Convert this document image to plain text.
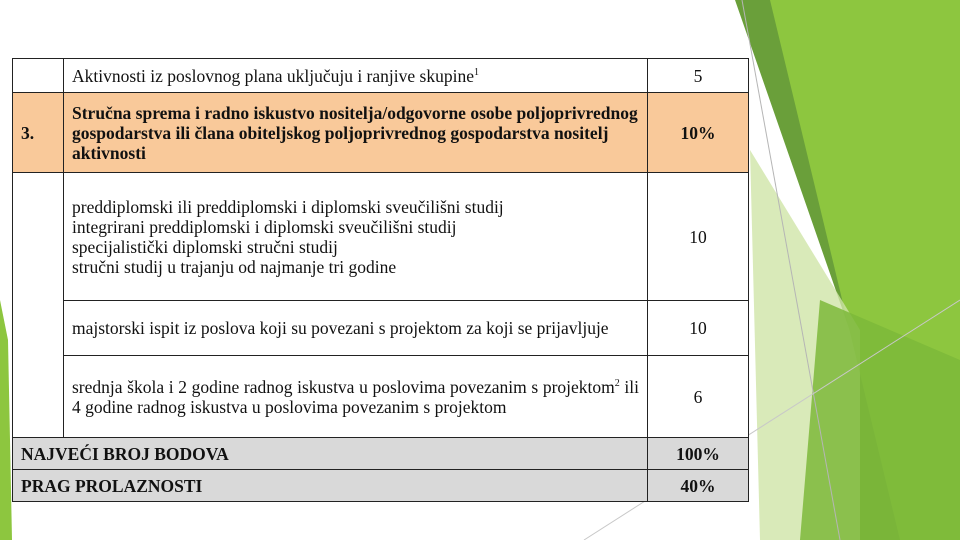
	Aktivnosti iz poslovnog plana uključuju i ranjive skupine$^1$	5
3.	Stručna sprema i radno iskustvo nositelja/odgovorne osobe poljoprivrednog gospodarstva ili člana obiteljskog poljoprivrednog gospodarstva nositelj aktivnosti	10%

	preddiplomski ili preddiplomski i diplomski sveučilišni studij
integrirani preddiplomski i diplomski sveučilišni studij
specijalistički diplomski stručni studij
stručni studij u trajanju od najmanje tri godine	10
	majstorski ispit iz poslova koji su povezani s projektom za koji se prijavljuje	10
	srednja škola i 2 godine radnog iskustva u poslovima povezanim s projektom$^2$ ili 4 godine radnog iskustva u poslovima povezanim s projektom	6
NAJVEĆI BROJ BODOVA		100%
PRAG PROLAZNOSTI		40%
